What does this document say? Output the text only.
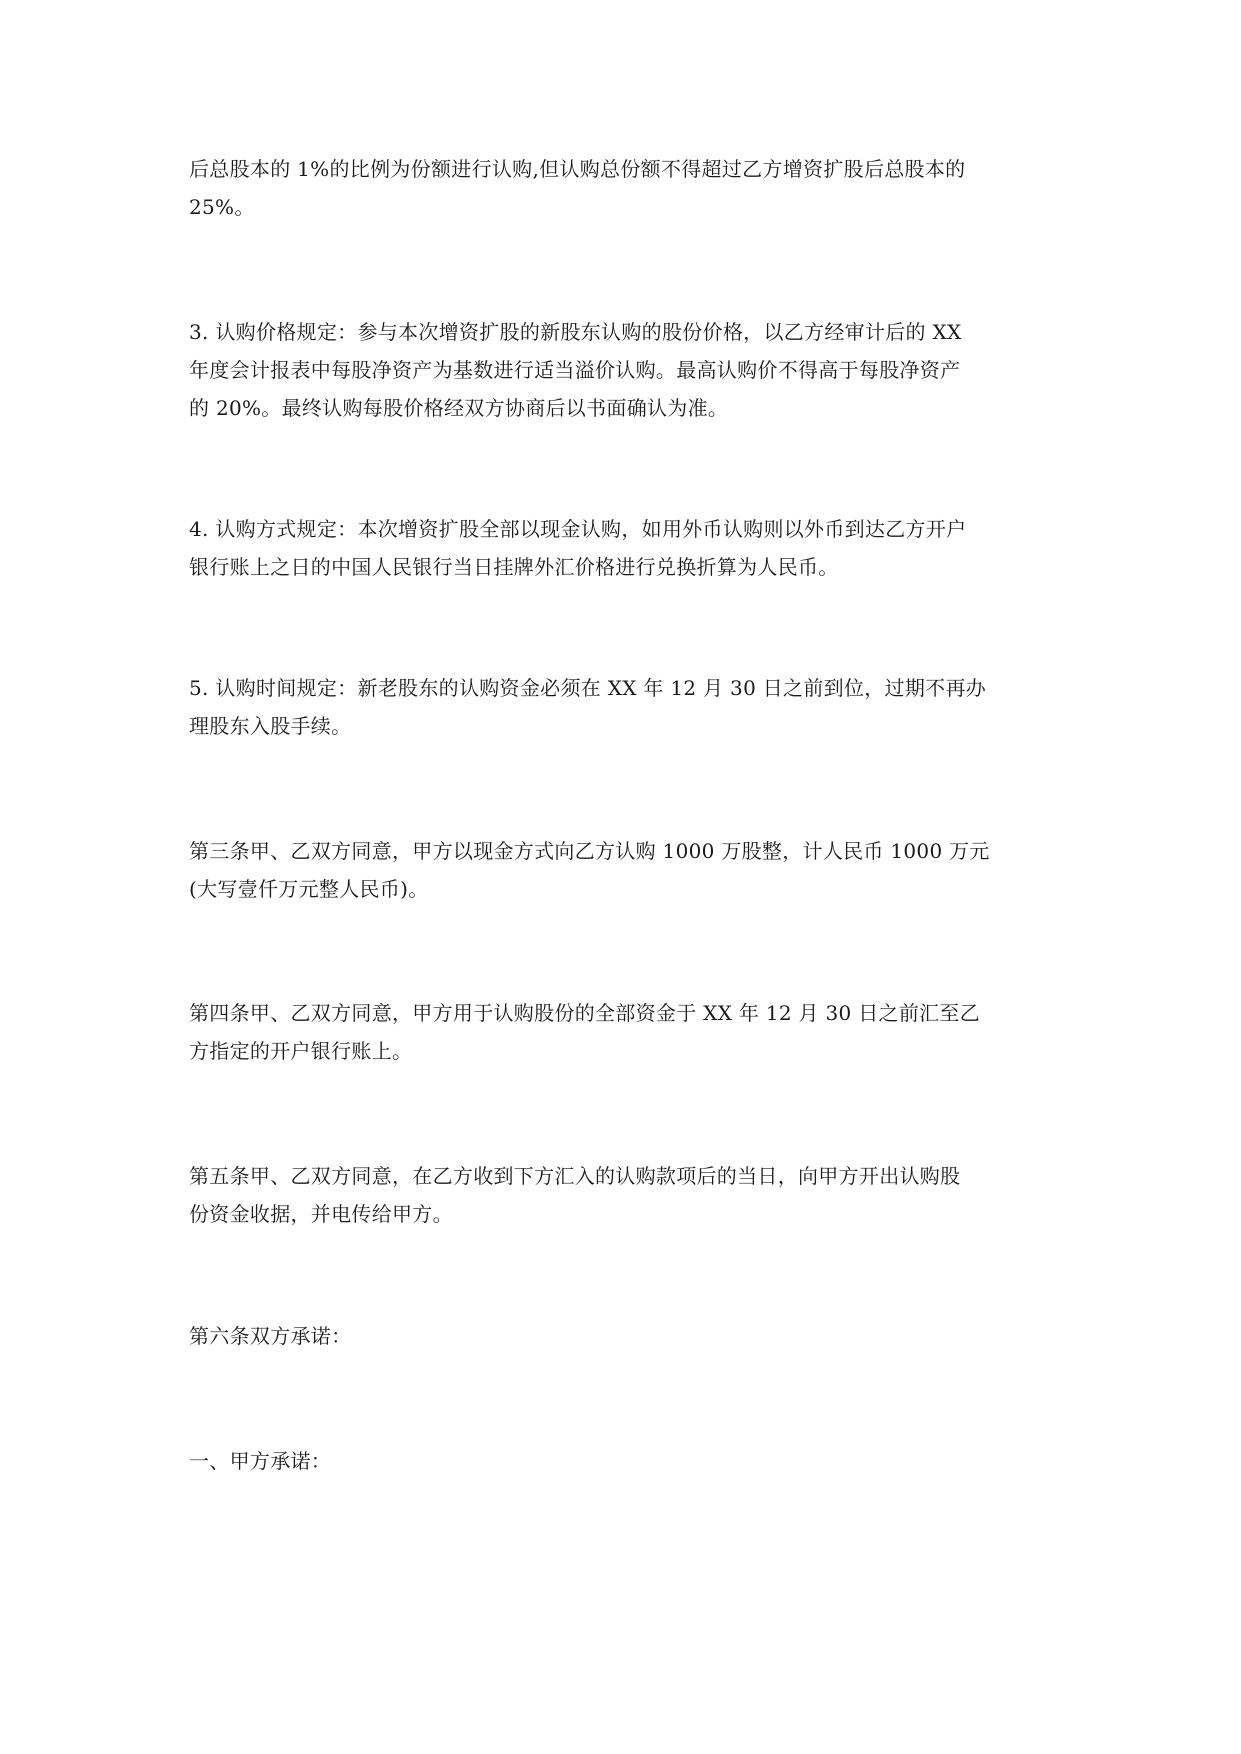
后总股本的 1%的比例为份额进行认购,但认购总份额不得超过乙方增资扩股后总股本的
25%。

3. 认购价格规定：参与本次增资扩股的新股东认购的股份价格，以乙方经审计后的 XX
年度会计报表中每股净资产为基数进行适当溢价认购。最高认购价不得高于每股净资产
的 20%。最终认购每股价格经双方协商后以书面确认为准。

4. 认购方式规定：本次增资扩股全部以现金认购，如用外币认购则以外币到达乙方开户
银行账上之日的中国人民银行当日挂牌外汇价格进行兑换折算为人民币。

5. 认购时间规定：新老股东的认购资金必须在 XX 年 12 月 30 日之前到位，过期不再办
理股东入股手续。

第三条甲、乙双方同意，甲方以现金方式向乙方认购 1000 万股整，计人民币 1000 万元
(大写壹仟万元整人民币)。

第四条甲、乙双方同意，甲方用于认购股份的全部资金于 XX 年 12 月 30 日之前汇至乙
方指定的开户银行账上。

第五条甲、乙双方同意，在乙方收到下方汇入的认购款项后的当日，向甲方开出认购股
份资金收据，并电传给甲方。

第六条双方承诺：

一、甲方承诺：
